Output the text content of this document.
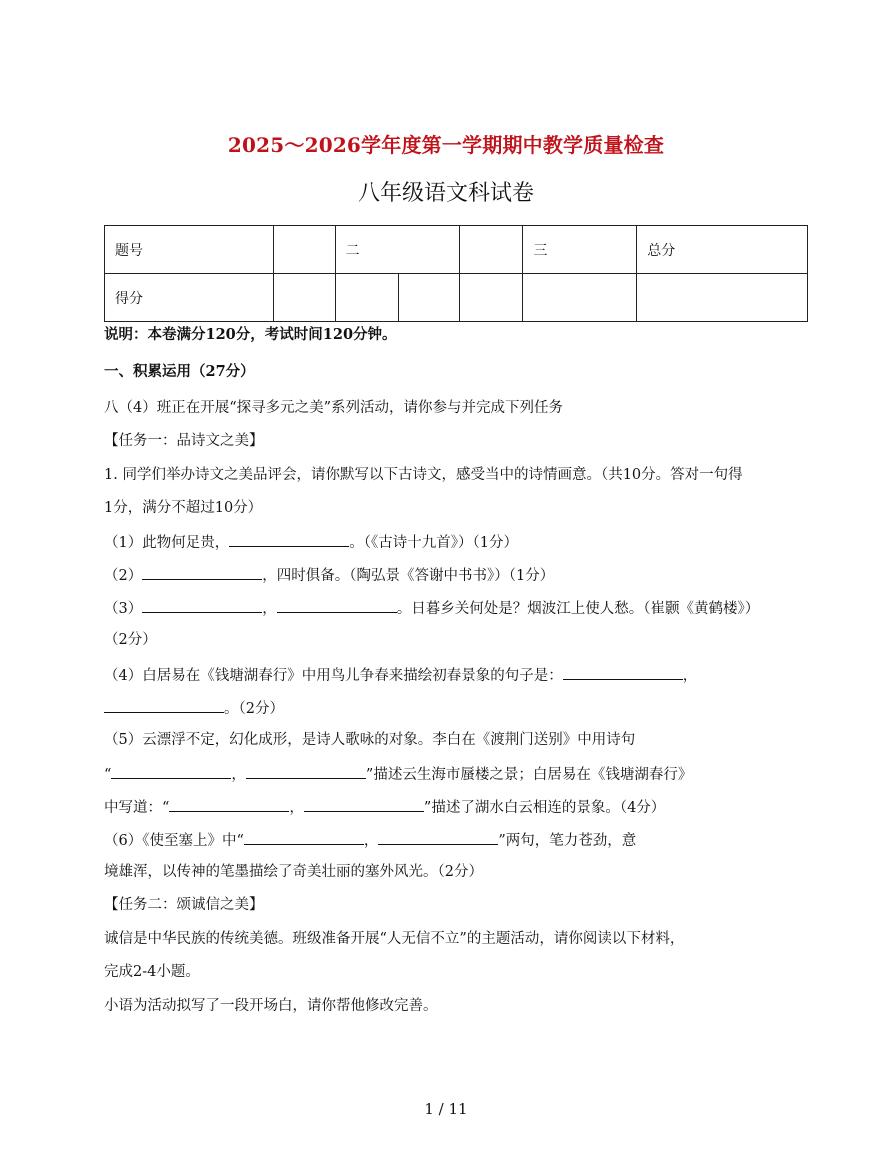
2025～2026学年度第一学期期中教学质量检查
八年级语文科试卷
题号		二			三	总分
得分						
说明：本卷满分120分，考试时间120分钟。
一、积累运用（27分）
八（4）班正在开展“探寻多元之美”系列活动，请你参与并完成下列任务
【任务一：品诗文之美】
1. 同学们举办诗文之美品评会，请你默写以下古诗文，感受当中的诗情画意。（共10分。答对一句得
1分，满分不超过10分）
（1）此物何足贵，	。（《古诗十九首》）（1分）
（2）	，四时俱备。（陶弘景《答谢中书书》）（1分）
（3）	，	。日暮乡关何处是？烟波江上使人愁。（崔颢《黄鹤楼》）
（2分）
（4）白居易在《钱塘湖春行》中用鸟儿争春来描绘初春景象的句子是：	，
。（2分）
（5）云漂浮不定，幻化成形，是诗人歌咏的对象。李白在《渡荆门送别》中用诗句
“	，	”描述云生海市蜃楼之景；白居易在《钱塘湖春行》
中写道：“	，	”描述了湖水白云相连的景象。（4分）
（6）《使至塞上》中“	，	”两句，笔力苍劲，意
境雄浑，以传神的笔墨描绘了奇美壮丽的塞外风光。（2分）
【任务二：颂诚信之美】
诚信是中华民族的传统美德。班级准备开展“人无信不立”的主题活动，请你阅读以下材料，
完成2-4小题。
小语为活动拟写了一段开场白，请你帮他修改完善。
1 / 11
